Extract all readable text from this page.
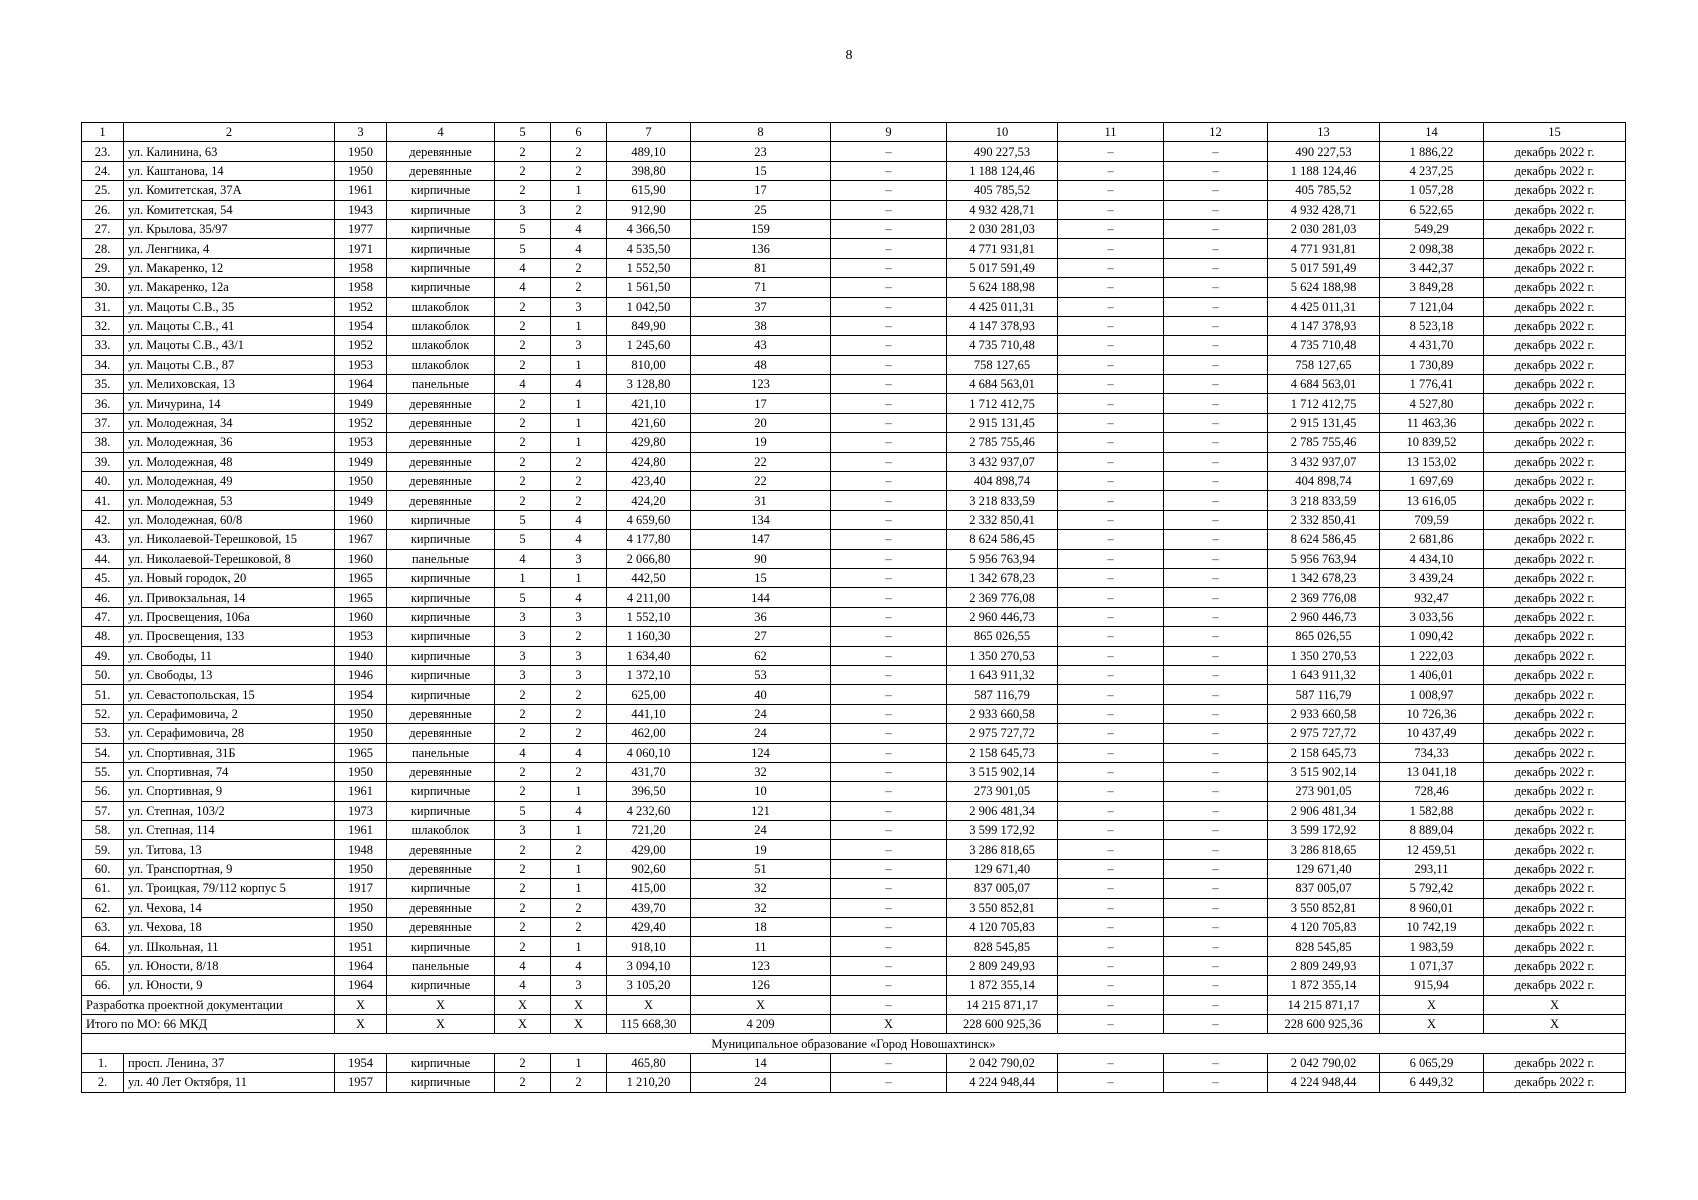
8
1	2	3	4	5	6	7	8	9	10	11	12	13	14	15
23.	ул. Калинина, 63	1950	деревянные	2	2	489,10	23	–	490 227,53	–	–	490 227,53	1 886,22	декабрь 2022 г.
24.	ул. Каштанова, 14	1950	деревянные	2	2	398,80	15	–	1 188 124,46	–	–	1 188 124,46	4 237,25	декабрь 2022 г.
25.	ул. Комитетская, 37А	1961	кирпичные	2	1	615,90	17	–	405 785,52	–	–	405 785,52	1 057,28	декабрь 2022 г.
26.	ул. Комитетская, 54	1943	кирпичные	3	2	912,90	25	–	4 932 428,71	–	–	4 932 428,71	6 522,65	декабрь 2022 г.
27.	ул. Крылова, 35/97	1977	кирпичные	5	4	4 366,50	159	–	2 030 281,03	–	–	2 030 281,03	549,29	декабрь 2022 г.
28.	ул. Ленгника, 4	1971	кирпичные	5	4	4 535,50	136	–	4 771 931,81	–	–	4 771 931,81	2 098,38	декабрь 2022 г.
29.	ул. Макаренко, 12	1958	кирпичные	4	2	1 552,50	81	–	5 017 591,49	–	–	5 017 591,49	3 442,37	декабрь 2022 г.
30.	ул. Макаренко, 12а	1958	кирпичные	4	2	1 561,50	71	–	5 624 188,98	–	–	5 624 188,98	3 849,28	декабрь 2022 г.
31.	ул. Мацоты С.В., 35	1952	шлакоблок	2	3	1 042,50	37	–	4 425 011,31	–	–	4 425 011,31	7 121,04	декабрь 2022 г.
32.	ул. Мацоты С.В., 41	1954	шлакоблок	2	1	849,90	38	–	4 147 378,93	–	–	4 147 378,93	8 523,18	декабрь 2022 г.
33.	ул. Мацоты С.В., 43/1	1952	шлакоблок	2	3	1 245,60	43	–	4 735 710,48	–	–	4 735 710,48	4 431,70	декабрь 2022 г.
34.	ул. Мацоты С.В., 87	1953	шлакоблок	2	1	810,00	48	–	758 127,65	–	–	758 127,65	1 730,89	декабрь 2022 г.
35.	ул. Мелиховская, 13	1964	панельные	4	4	3 128,80	123	–	4 684 563,01	–	–	4 684 563,01	1 776,41	декабрь 2022 г.
36.	ул. Мичурина, 14	1949	деревянные	2	1	421,10	17	–	1 712 412,75	–	–	1 712 412,75	4 527,80	декабрь 2022 г.
37.	ул. Молодежная, 34	1952	деревянные	2	1	421,60	20	–	2 915 131,45	–	–	2 915 131,45	11 463,36	декабрь 2022 г.
38.	ул. Молодежная, 36	1953	деревянные	2	1	429,80	19	–	2 785 755,46	–	–	2 785 755,46	10 839,52	декабрь 2022 г.
39.	ул. Молодежная, 48	1949	деревянные	2	2	424,80	22	–	3 432 937,07	–	–	3 432 937,07	13 153,02	декабрь 2022 г.
40.	ул. Молодежная, 49	1950	деревянные	2	2	423,40	22	–	404 898,74	–	–	404 898,74	1 697,69	декабрь 2022 г.
41.	ул. Молодежная, 53	1949	деревянные	2	2	424,20	31	–	3 218 833,59	–	–	3 218 833,59	13 616,05	декабрь 2022 г.
42.	ул. Молодежная, 60/8	1960	кирпичные	5	4	4 659,60	134	–	2 332 850,41	–	–	2 332 850,41	709,59	декабрь 2022 г.
43.	ул. Николаевой-Терешковой, 15	1967	кирпичные	5	4	4 177,80	147	–	8 624 586,45	–	–	8 624 586,45	2 681,86	декабрь 2022 г.
44.	ул. Николаевой-Терешковой, 8	1960	панельные	4	3	2 066,80	90	–	5 956 763,94	–	–	5 956 763,94	4 434,10	декабрь 2022 г.
45.	ул. Новый городок, 20	1965	кирпичные	1	1	442,50	15	–	1 342 678,23	–	–	1 342 678,23	3 439,24	декабрь 2022 г.
46.	ул. Привокзальная, 14	1965	кирпичные	5	4	4 211,00	144	–	2 369 776,08	–	–	2 369 776,08	932,47	декабрь 2022 г.
47.	ул. Просвещения, 106а	1960	кирпичные	3	3	1 552,10	36	–	2 960 446,73	–	–	2 960 446,73	3 033,56	декабрь 2022 г.
48.	ул. Просвещения, 133	1953	кирпичные	3	2	1 160,30	27	–	865 026,55	–	–	865 026,55	1 090,42	декабрь 2022 г.
49.	ул. Свободы, 11	1940	кирпичные	3	3	1 634,40	62	–	1 350 270,53	–	–	1 350 270,53	1 222,03	декабрь 2022 г.
50.	ул. Свободы, 13	1946	кирпичные	3	3	1 372,10	53	–	1 643 911,32	–	–	1 643 911,32	1 406,01	декабрь 2022 г.
51.	ул. Севастопольская, 15	1954	кирпичные	2	2	625,00	40	–	587 116,79	–	–	587 116,79	1 008,97	декабрь 2022 г.
52.	ул. Серафимовича, 2	1950	деревянные	2	2	441,10	24	–	2 933 660,58	–	–	2 933 660,58	10 726,36	декабрь 2022 г.
53.	ул. Серафимовича, 28	1950	деревянные	2	2	462,00	24	–	2 975 727,72	–	–	2 975 727,72	10 437,49	декабрь 2022 г.
54.	ул. Спортивная, 31Б	1965	панельные	4	4	4 060,10	124	–	2 158 645,73	–	–	2 158 645,73	734,33	декабрь 2022 г.
55.	ул. Спортивная, 74	1950	деревянные	2	2	431,70	32	–	3 515 902,14	–	–	3 515 902,14	13 041,18	декабрь 2022 г.
56.	ул. Спортивная, 9	1961	кирпичные	2	1	396,50	10	–	273 901,05	–	–	273 901,05	728,46	декабрь 2022 г.
57.	ул. Степная, 103/2	1973	кирпичные	5	4	4 232,60	121	–	2 906 481,34	–	–	2 906 481,34	1 582,88	декабрь 2022 г.
58.	ул. Степная, 114	1961	шлакоблок	3	1	721,20	24	–	3 599 172,92	–	–	3 599 172,92	8 889,04	декабрь 2022 г.
59.	ул. Титова, 13	1948	деревянные	2	2	429,00	19	–	3 286 818,65	–	–	3 286 818,65	12 459,51	декабрь 2022 г.
60.	ул. Транспортная, 9	1950	деревянные	2	1	902,60	51	–	129 671,40	–	–	129 671,40	293,11	декабрь 2022 г.
61.	ул. Троицкая, 79/112 корпус 5	1917	кирпичные	2	1	415,00	32	–	837 005,07	–	–	837 005,07	5 792,42	декабрь 2022 г.
62.	ул. Чехова, 14	1950	деревянные	2	2	439,70	32	–	3 550 852,81	–	–	3 550 852,81	8 960,01	декабрь 2022 г.
63.	ул. Чехова, 18	1950	деревянные	2	2	429,40	18	–	4 120 705,83	–	–	4 120 705,83	10 742,19	декабрь 2022 г.
64.	ул. Школьная, 11	1951	кирпичные	2	1	918,10	11	–	828 545,85	–	–	828 545,85	1 983,59	декабрь 2022 г.
65.	ул. Юности, 8/18	1964	панельные	4	4	3 094,10	123	–	2 809 249,93	–	–	2 809 249,93	1 071,37	декабрь 2022 г.
66.	ул. Юности, 9	1964	кирпичные	4	3	3 105,20	126	–	1 872 355,14	–	–	1 872 355,14	915,94	декабрь 2022 г.
Разработка проектной документации		Х	Х	Х	Х	Х	Х	–	14 215 871,17	–	–	14 215 871,17	Х	Х
Итого по МО: 66 МКД		Х	Х	Х	Х	115 668,30	4 209	Х	228 600 925,36	–	–	228 600 925,36	Х	Х
Муниципальное образование «Город Новошахтинск»														
1.	просп. Ленина, 37	1954	кирпичные	2	1	465,80	14	–	2 042 790,02	–	–	2 042 790,02	6 065,29	декабрь 2022 г.
2.	ул. 40 Лет Октября, 11	1957	кирпичные	2	2	1 210,20	24	–	4 224 948,44	–	–	4 224 948,44	6 449,32	декабрь 2022 г.
